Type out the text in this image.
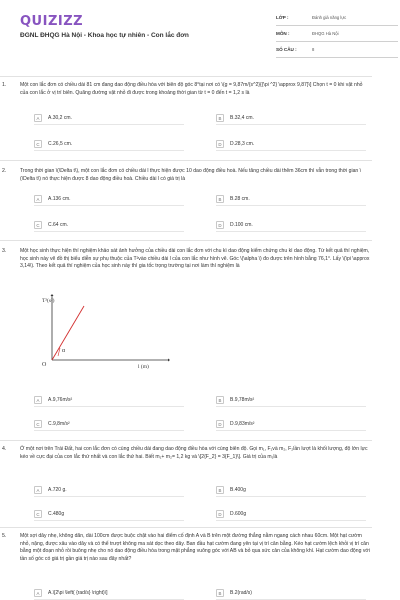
QUIZIZZ
ĐGNL ĐHQG Hà Nội - Khoa học tự nhiên - Con lắc đơn
LỚP :	Đánh giá năng lực
MÔN :	ĐHQG Hà Nội
SỐ CÂU :	8
1.	Một con lắc đơn có chiều dài 81 cm đang dao động điều hòa với biên độ góc 8°tại nơi có \(g = 9,87m/{s^2}{{\pi ^2} \approx 9,87}\] Chọn t = 0 khi vật nhỏ của con lắc ở vị trí biên. Quãng đường vật nhỏ đi được trong khoảng thời gian từ t = 0 đến t = 1,2 s là
A	A.30,2 cm.	B	B.32,4 cm.
C	C.26,5 cm.	D	D.28,3 cm.
2.	Trong thời gian \(\Delta t\), một con lắc đơn có chiều dài l thực hiện được 10 dao động điều hoà. Nếu tăng chiều dài thêm 36cm thì vẫn trong thời gian \(\Delta t\) nó thực hiện được 8 dao động điều hoà. Chiều dài l có giá trị là
A	A.136 cm.	B	B.28 cm.
C	C.64 cm.	D	D.100 cm.
3.	Một học sinh thực hiện thí nghiệm khảo sát ảnh hưởng của chiều dài con lắc đơn với chu kì dao động kiểm chứng chu kì dao động. Từ kết quả thí nghiệm, học sinh này vẽ đồ thị biểu diễn sự phụ thuộc của T²vào chiều dài l của con lắc như hình vẽ. Góc \(\alpha \) đo được trên hình bằng 76,1°. Lấy \(\pi \approx 3,14\). Theo kết quả thí nghiệm của học sinh này thì gia tốc trọng trường tại nơi làm thí nghiệm là
α
T²(s²)
l (m)
O
A	A.9,76m/s²	B	B.9,78m/s²
C	C.9,8m/s²	D	D.9,83m/s²
4.	Ở một nơi trên Trái Đất, hai con lắc đơn có cùng chiều dài đang dao động điều hòa với cùng biên độ. Gọi m₁, F₁và m₂, F₂lần lượt là khối lượng, độ lớn lực kéo về cực đại của con lắc thứ nhất và con lắc thứ hai. Biết m₁+ m₂= 1,2 kg và \[2{F_2} = 3{F_1}\]. Giá trị của m₁là
A	A.720 g.	B	B.400g
C	C.480g	D	D.600g
5.	Một sợi dây nhẹ, không dãn, dài 100cm được buộc chặt vào hai điểm cố định A và B trên một đường thẳng nằm ngang cách nhau 60cm. Một hạt cườm nhỏ, nặng, được xâu vào dây và có thể trượt không ma sát dọc theo dây. Ban đầu hạt cườm đang yên tại vị trí cân bằng. Kéo hạt cườm lệch khỏi vị trí cân bằng một đoạn nhỏ rồi buông nhẹ cho nó dao động điều hòa trong mặt phẳng vuông góc với AB và bỏ qua sức cản của không khí. Hạt cườm dao động với tần số góc có giá trị gần giá trị nào sau đây nhất?
A	A.\[2\pi \left( {rad/s} \right)\]	B	B.2(rad/s)
